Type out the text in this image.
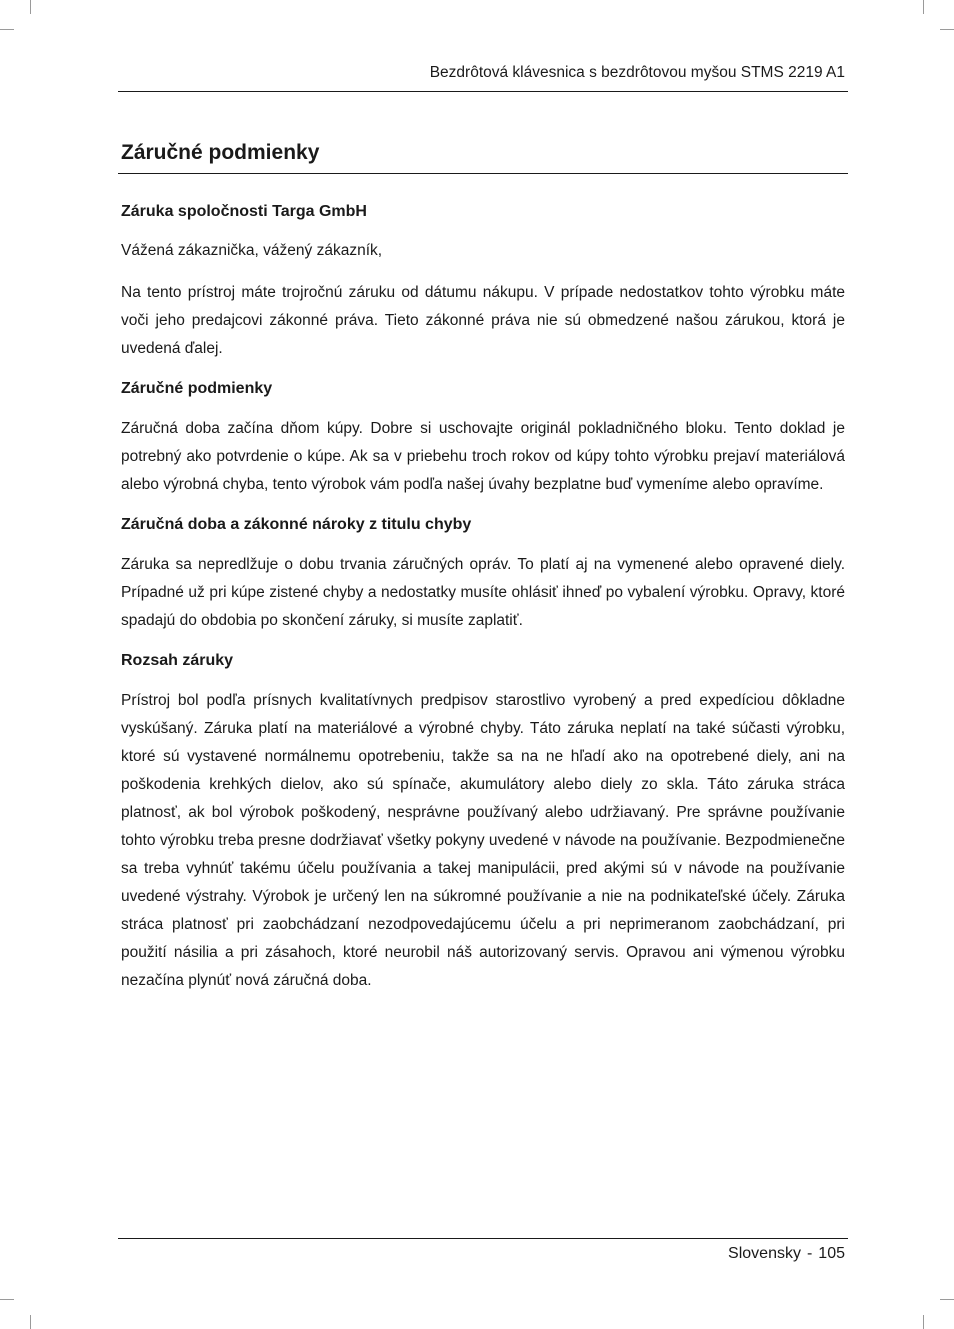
Bezdrôtová klávesnica s bezdrôtovou myšou STMS 2219 A1
Záručné podmienky
Záruka spoločnosti Targa GmbH

Vážená zákaznička, vážený zákazník,

Na tento prístroj máte trojročnú záruku od dátumu nákupu. V prípade nedostatkov tohto výrobku máte voči jeho predajcovi zákonné práva. Tieto zákonné práva nie sú obmedzené našou zárukou, ktorá je uvedená ďalej.

Záručné podmienky

Záručná doba začína dňom kúpy. Dobre si uschovajte originál pokladničného bloku. Tento doklad je potrebný ako potvrdenie o kúpe. Ak sa v priebehu troch rokov od kúpy tohto výrobku prejaví materiálová alebo výrobná chyba, tento výrobok vám podľa našej úvahy bezplatne buď vymeníme alebo opravíme.

Záručná doba a zákonné nároky z titulu chyby

Záruka sa nepredlžuje o dobu trvania záručných opráv. To platí aj na vymenené alebo opravené diely. Prípadné už pri kúpe zistené chyby a nedostatky musíte ohlásiť ihneď po vybalení výrobku. Opravy, ktoré spadajú do obdobia po skončení záruky, si musíte zaplatiť.

Rozsah záruky

Prístroj bol podľa prísnych kvalitatívnych predpisov starostlivo vyrobený a pred expedíciou dôkladne vyskúšaný. Záruka platí na materiálové a výrobné chyby. Táto záruka neplatí na také súčasti výrobku, ktoré sú vystavené normálnemu opotrebeniu, takže sa na ne hľadí ako na opotrebené diely, ani na poškodenia krehkých dielov, ako sú spínače, akumulátory alebo diely zo skla. Táto záruka stráca platnosť, ak bol výrobok poškodený, nesprávne používaný alebo udržiavaný. Pre správne používanie tohto výrobku treba presne dodržiavať všetky pokyny uvedené v návode na používanie. Bezpodmienečne sa treba vyhnúť takému účelu používania a takej manipulácii, pred akými sú v návode na používanie uvedené výstrahy. Výrobok je určený len na súkromné používanie a nie na podnikateľské účely. Záruka stráca platnosť pri zaobchádzaní nezodpovedajúcemu účelu a pri neprimeranom zaobchádzaní, pri použití násilia a pri zásahoch, ktoré neurobil náš autorizovaný servis. Opravou ani výmenou výrobku nezačína plynúť nová záručná doba.

Slovensky - 105
